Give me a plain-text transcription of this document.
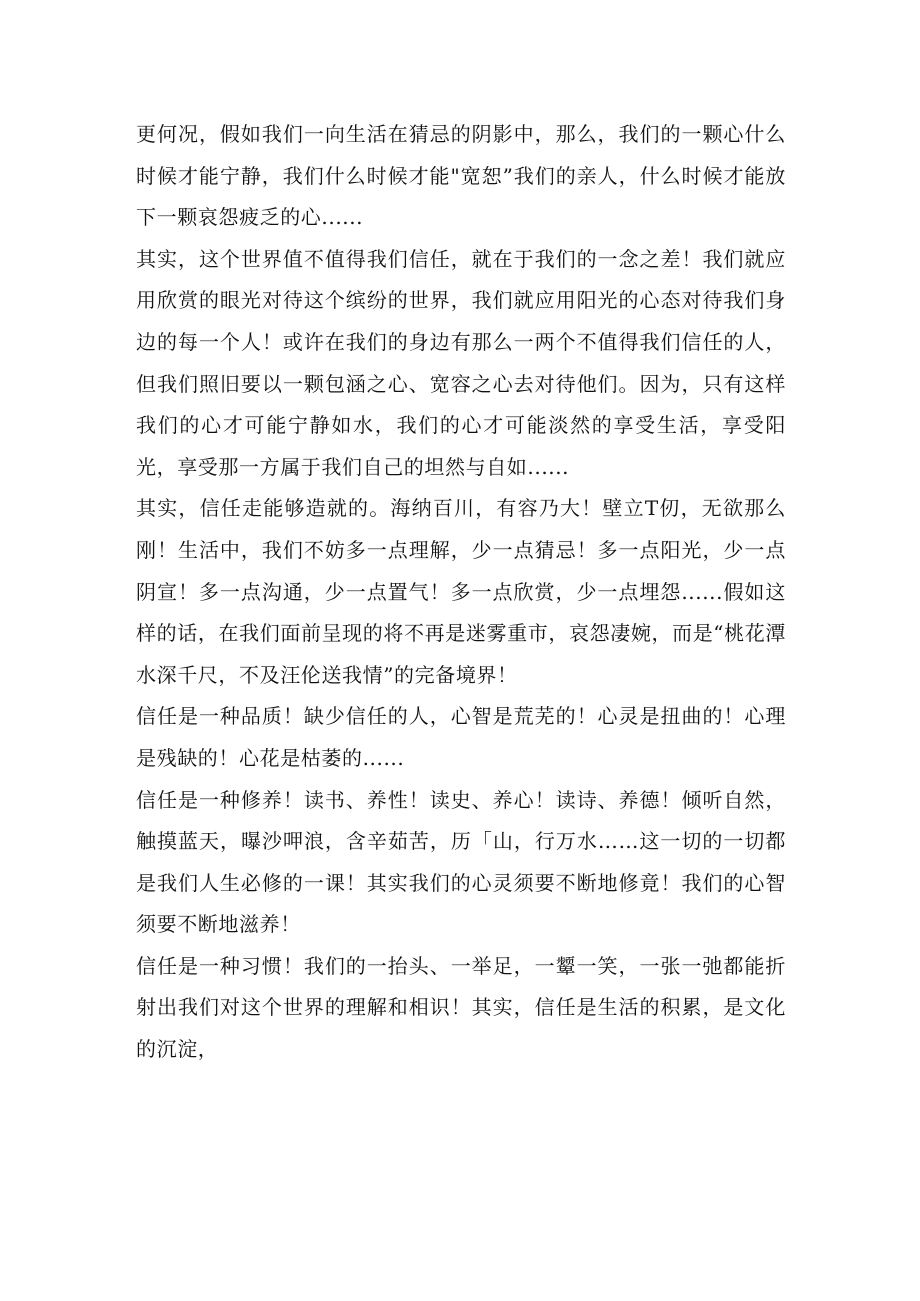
更何况，假如我们一向生活在猜忌的阴影中，那么，我们的一颗心什么时候才能宁静，我们什么时候才能"宽恕”我们的亲人，什么时候才能放下一颗哀怨疲乏的心......

其实，这个世界值不值得我们信任，就在于我们的一念之差！我们就应用欣赏的眼光对待这个缤纷的世界，我们就应用阳光的心态对待我们身边的每一个人！或许在我们的身边有那么一两个不值得我们信任的人，但我们照旧要以一颗包涵之心、宽容之心去对待他们。因为，只有这样我们的心才可能宁静如水，我们的心才可能淡然的享受生活，享受阳光，享受那一方属于我们自己的坦然与自如......

其实，信任走能够造就的。海纳百川，有容乃大！壁立T仞，无欲那么刚！生活中，我们不妨多一点理解，少一点猜忌！多一点阳光，少一点阴宣！多一点沟通，少一点置气！多一点欣赏，少一点埋怨......假如这样的话，在我们面前呈现的将不再是迷雾重市，哀怨凄婉，而是“桃花潭水深千尺，不及汪伦送我情”的完备境界！

信任是一种品质！缺少信任的人，心智是荒芜的！心灵是扭曲的！心理是残缺的！心花是枯萎的......

信任是一种修养！读书、养性！读史、养心！读诗、养德！倾听自然，触摸蓝天，曝沙呷浪，含辛茹苦，历「山，行万水……这一切的一切都是我们人生必修的一课！其实我们的心灵须要不断地修竟！我们的心智须要不断地滋养！

信任是一种习惯！我们的一抬头、一举足，一颦一笑，一张一弛都能折射出我们对这个世界的理解和相识！其实，信任是生活的积累，是文化的沉淀，
